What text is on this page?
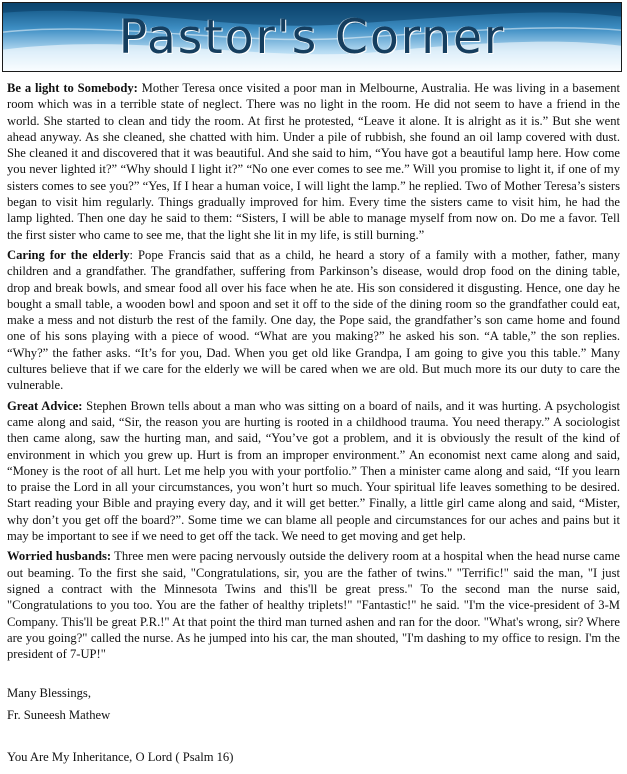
Pastor's Corner

Be a light to Somebody: Mother Teresa once visited a poor man in Melbourne, Australia. He was living in a basement room which was in a terrible state of neglect. There was no light in the room. He did not seem to have a friend in the world. She started to clean and tidy the room. At first he protested, “Leave it alone. It is alright as it is.” But she went ahead anyway. As she cleaned, she chatted with him. Under a pile of rubbish, she found an oil lamp covered with dust. She cleaned it and discovered that it was beautiful. And she said to him, “You have got a beautiful lamp here. How come you never lighted it?” “Why should I light it?” “No one ever comes to see me.” Will you promise to light it, if one of my sisters comes to see you?” “Yes, If I hear a human voice, I will light the lamp.” he replied. Two of Mother Teresa’s sisters began to visit him regularly. Things gradually improved for him. Every time the sisters came to visit him, he had the lamp lighted. Then one day he said to them: “Sisters, I will be able to manage myself from now on. Do me a favor. Tell the first sister who came to see me, that the light she lit in my life, is still burning.”

Caring for the elderly: Pope Francis said that as a child, he heard a story of a family with a mother, father, many children and a grandfather. The grandfather, suffering from Parkinson’s disease, would drop food on the dining table, drop and break bowls, and smear food all over his face when he ate. His son considered it disgusting. Hence, one day he bought a small table, a wooden bowl and spoon and set it off to the side of the dining room so the grandfather could eat, make a mess and not disturb the rest of the family. One day, the Pope said, the grandfather’s son came home and found one of his sons playing with a piece of wood. “What are you making?” he asked his son. “A table,” the son replies. “Why?” the father asks. “It’s for you, Dad. When you get old like Grandpa, I am going to give you this table.” Many cultures believe that if we care for the elderly we will be cared when we are old. But much more its our duty to care the vulnerable.

Great Advice: Stephen Brown tells about a man who was sitting on a board of nails, and it was hurting. A psychologist came along and said, “Sir, the reason you are hurting is rooted in a childhood trauma. You need therapy.” A sociologist then came along, saw the hurting man, and said, “You’ve got a problem, and it is obviously the result of the kind of environment in which you grew up. Hurt is from an improper environment.” An economist next came along and said, “Money is the root of all hurt. Let me help you with your portfolio.” Then a minister came along and said, “If you learn to praise the Lord in all your circumstances, you won’t hurt so much. Your spiritual life leaves something to be desired. Start reading your Bible and praying every day, and it will get better.” Finally, a little girl came along and said, “Mister, why don’t you get off the board?”. Some time we can blame all people and circumstances for our aches and pains but it may be important to see if we need to get off the tack. We need to get moving and get help.

Worried husbands: Three men were pacing nervously outside the delivery room at a hospital when the head nurse came out beaming. To the first she said, "Congratulations, sir, you are the father of twins." "Terrific!" said the man, "I just signed a contract with the Minnesota Twins and this'll be great press." To the second man the nurse said, "Congratulations to you too. You are the father of healthy triplets!" "Fantastic!" he said. "I'm the vice-president of 3-M Company. This'll be great P.R.!" At that point the third man turned ashen and ran for the door. "What's wrong, sir? Where are you going?" called the nurse. As he jumped into his car, the man shouted, "I'm dashing to my office to resign. I'm the president of 7-UP!"

Many Blessings,
Fr. Suneesh Mathew
You Are My Inheritance, O Lord ( Psalm 16)
